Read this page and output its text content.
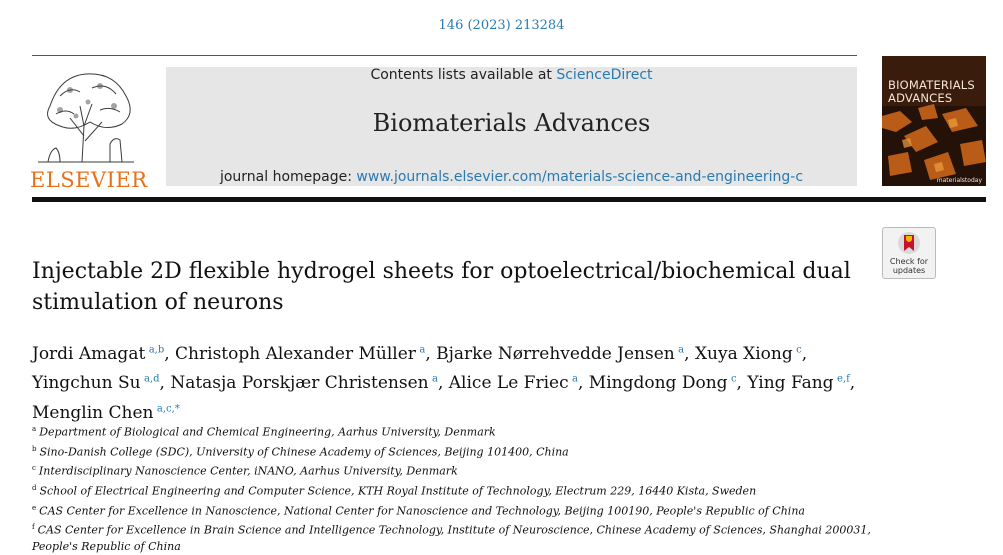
146 (2023) 213284
ELSEVIER
Contents lists available at ScienceDirect
Biomaterials Advances
journal homepage: www.journals.elsevier.com/materials-science-and-engineering-c
BIOMATERIALS
ADVANCES
materialstoday
Check for
updates
Injectable 2D flexible hydrogel sheets for optoelectrical/biochemical dual stimulation of neurons
Jordi Amagat  $^{a,b}$, Christoph Alexander Müller  $^a$, Bjarke Nørrehvedde Jensen  $^a$, Xuya Xiong  $^c$,
Yingchun Su  $^{a,d}$, Natasja Porskjær Christensen  $^a$, Alice Le Friec  $^a$, Mingdong Dong  $^c$, Ying Fang  $^{e,f}$,
Menglin Chen  $^{a,c,*}$
$^a$ Department of Biological and Chemical Engineering, Aarhus University, Denmark
$^b$ Sino-Danish College (SDC), University of Chinese Academy of Sciences, Beijing 101400, China
$^c$ Interdisciplinary Nanoscience Center, iNANO, Aarhus University, Denmark
$^d$ School of Electrical Engineering and Computer Science, KTH Royal Institute of Technology, Electrum 229, 16440 Kista, Sweden
$^e$ CAS Center for Excellence in Nanoscience, National Center for Nanoscience and Technology, Beijing 100190, People's Republic of China
$^f$ CAS Center for Excellence in Brain Science and Intelligence Technology, Institute of Neuroscience, Chinese Academy of Sciences, Shanghai 200031, People's Republic of China
